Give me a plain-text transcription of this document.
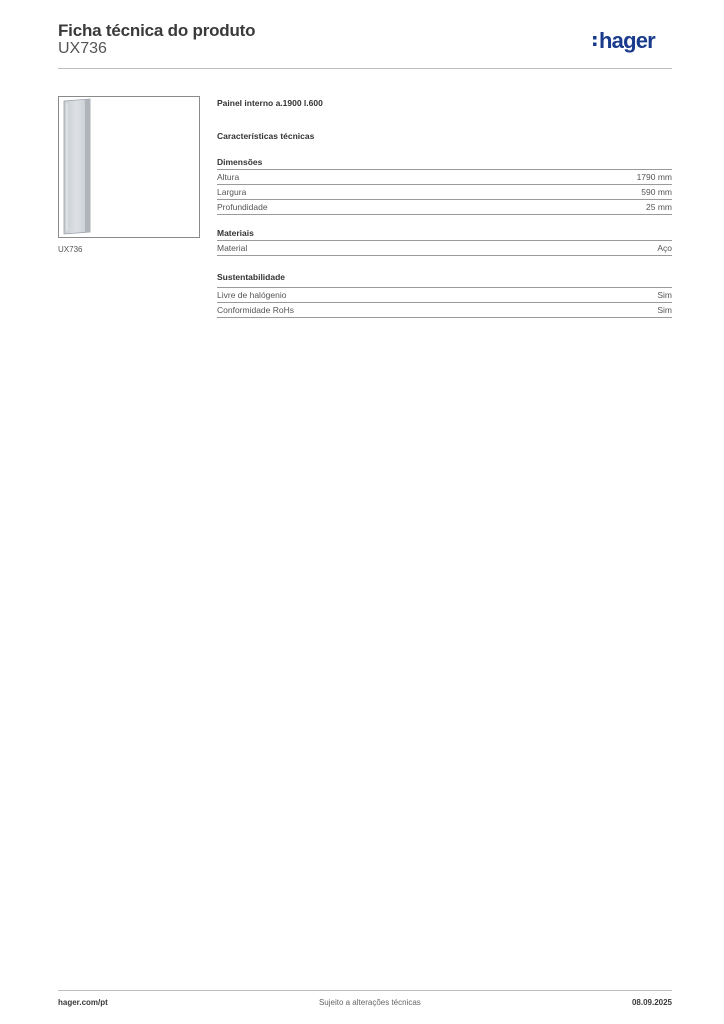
Ficha técnica do produto
UX736	hager
UX736
Painel interno a.1900 l.600
Características técnicas
Dimensões
Altura	1790 mm
Largura	590 mm
Profundidade	25 mm
Materiais
Material	Aço
Sustentabilidade
Livre de halógenio	Sim
Conformidade RoHs	Sim
hager.com/pt	Sujeito a alterações técnicas	08.09.2025
